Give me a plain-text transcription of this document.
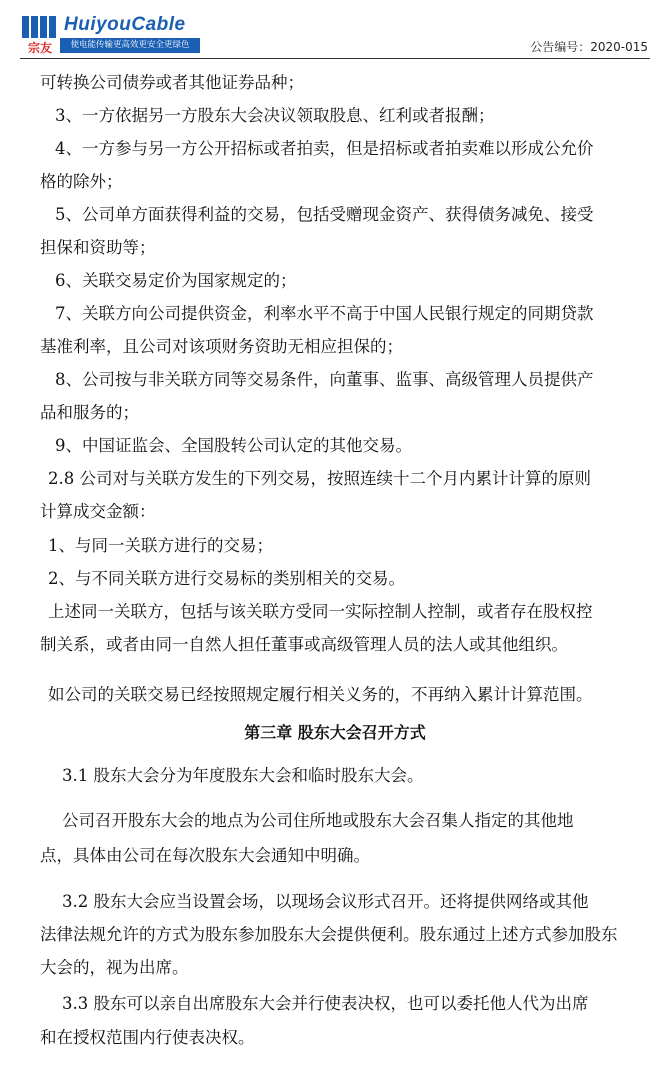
宗友
HuiyouCable
使电能传输更高效更安全更绿色	公告编号：2020-015
可转换公司债券或者其他证券品种；
3、一方依据另一方股东大会决议领取股息、红利或者报酬；
4、一方参与另一方公开招标或者拍卖，但是招标或者拍卖难以形成公允价
格的除外；
5、公司单方面获得利益的交易，包括受赠现金资产、获得债务减免、接受
担保和资助等；
6、关联交易定价为国家规定的；
7、关联方向公司提供资金，利率水平不高于中国人民银行规定的同期贷款
基准利率，且公司对该项财务资助无相应担保的；
8、公司按与非关联方同等交易条件，向董事、监事、高级管理人员提供产
品和服务的；
9、中国证监会、全国股转公司认定的其他交易。
2.8 公司对与关联方发生的下列交易，按照连续十二个月内累计计算的原则
计算成交金额：
1、与同一关联方进行的交易；
2、与不同关联方进行交易标的类别相关的交易。
上述同一关联方，包括与该关联方受同一实际控制人控制，或者存在股权控
制关系，或者由同一自然人担任董事或高级管理人员的法人或其他组织。
如公司的关联交易已经按照规定履行相关义务的，不再纳入累计计算范围。
第三章 股东大会召开方式
3.1 股东大会分为年度股东大会和临时股东大会。
公司召开股东大会的地点为公司住所地或股东大会召集人指定的其他地
点，具体由公司在每次股东大会通知中明确。
3.2 股东大会应当设置会场，以现场会议形式召开。还将提供网络或其他
法律法规允许的方式为股东参加股东大会提供便利。股东通过上述方式参加股东
大会的，视为出席。
3.3 股东可以亲自出席股东大会并行使表决权，也可以委托他人代为出席
和在授权范围内行使表决权。
